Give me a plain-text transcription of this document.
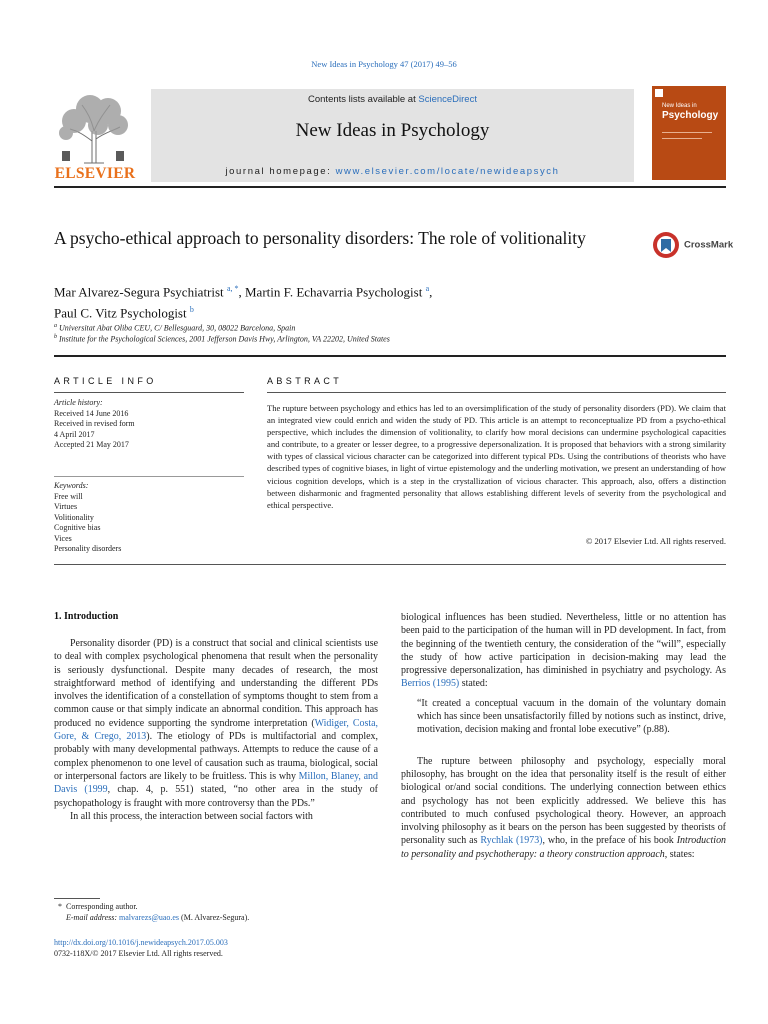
New Ideas in Psychology 47 (2017) 49–56
ELSEVIER
Contents lists available at ScienceDirect
New Ideas in Psychology
journal homepage: www.elsevier.com/locate/newideapsych
New Ideas in
Psychology
A psycho-ethical approach to personality disorders: The role of volitionality	CrossMark
Mar Alvarez-Segura Psychiatrist $^{a, *}$, Martin F. Echavarria Psychologist $^a$,
Paul C. Vitz Psychologist $^b$
$^a$ Universitat Abat Oliba CEU, C/ Bellesguard, 30, 08022 Barcelona, Spain
$^b$ Institute for the Psychological Sciences, 2001 Jefferson Davis Hwy, Arlington, VA 22202, United States
ARTICLE INFO
Article history:
Received 14 June 2016
Received in revised form
4 April 2017
Accepted 21 May 2017
Keywords:
Free will
Virtues
Volitionality
Cognitive bias
Vices
Personality disorders
ABSTRACT
The rupture between psychology and ethics has led to an oversimplification of the study of personality disorders (PD). We claim that an integrated view could enrich and widen the study of PD. This article is an attempt to reconceptualize PD from a psycho-ethical perspective, which includes the dimension of volitionality, to clarify how moral decisions can undermine psychological capacities and contribute, to a greater or lesser degree, to a progressive depersonalization. It is proposed that behaviors with a strong similarity with types of classical vicious character can be categorized into different typical PDs. Using the contributions of theorists who have described types of cognitive biases, in light of virtue epistemology and the underling motivation, we present an understanding of how vicious cognition develops, which is a step in the crystallization of vicious character. This approach, also, offers a distinction between disharmonic and fragmented personality that allows establishing different levels of severity from the psychological and ethical perspective.
© 2017 Elsevier Ltd. All rights reserved.
1. Introduction

Personality disorder (PD) is a construct that social and clinical scientists use to deal with complex psychological phenomena that result when the personality is seriously dysfunctional. Despite many decades of research, the most straightforward method of identifying and understanding the different PDs involves the identification of a constellation of symptoms thought to stem from a common cause or that simply indicate an abnormal condition. This approach has produced no evidence supporting the syndrome interpretation (Widiger, Costa, Gore, & Crego, 2013). The etiology of PDs is multifactorial and complex, probably with many developmental pathways. Attempts to reduce the cause of a complex phenomenon to one level of causation such as trauma, biological, social or interpersonal factors are likely to be fruitless. This is why Millon, Blaney, and Davis (1999, chap. 4, p. 551) stated, “no other area in the study of psychopathology is fraught with more controversy than the PDs.”

In all this process, the interaction between social factors with

biological influences has been studied. Nevertheless, little or no attention has been paid to the participation of the human will in PD development. In fact, from the beginning of the twentieth century, the consideration of the “will”, especially the study of how active participation in decision-making may lead the progressive depersonalization, has diminished in psychiatry and psychology. As Berrios (1995) stated:

“It created a conceptual vacuum in the domain of the voluntary domain which has since been unsatisfactorily filled by notions such as instinct, drive, motivation, decision making and frontal lobe executive” (p.88).

The rupture between philosophy and psychology, especially moral philosophy, has brought on the idea that personality itself is the result of either biological or/and social conditions. The underlying connection between ethics and psychology has not been explicitly addressed. We believe this has contributed to much confused psychological theory. However, an approach involving philosophy as it bears on the person has been suggested by theorists of personality such as Rychlak (1973), who, in the preface of his book Introduction to personality and psychotherapy: a theory construction approach, states:

*  Corresponding author.
E-mail address: malvarezs@uao.es (M. Alvarez-Segura).
http://dx.doi.org/10.1016/j.newideapsych.2017.05.003
0732-118X/© 2017 Elsevier Ltd. All rights reserved.
